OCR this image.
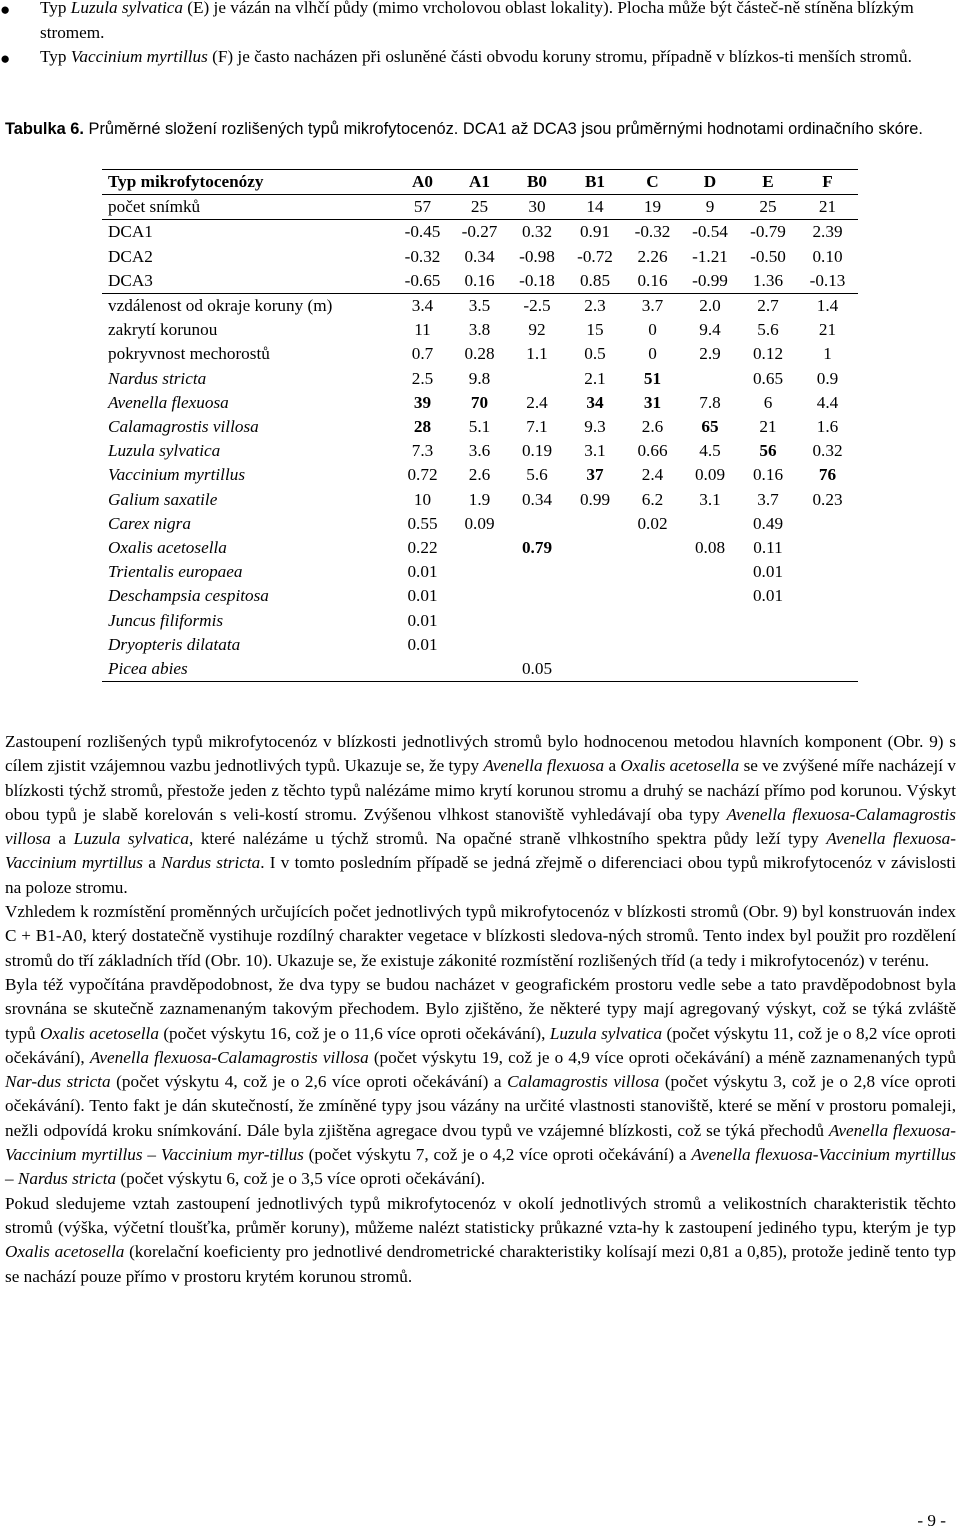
● Typ Luzula sylvatica (E) je vázán na vlhčí půdy (mimo vrcholovou oblast lokality). Plocha může být částeč-ně stíněna blízkým stromem.

● Typ Vaccinium myrtillus (F) je často nacházen při osluněné části obvodu koruny stromu, případně v blízkos-ti menších stromů.

Tabulka 6. Průměrné složení rozlišených typů mikrofytocenóz. DCA1 až DCA3 jsou průměrnými hodnotami ordinačního skóre.
Typ mikrofytocenózy	A0	A1	B0	B1	C	D	E	F
počet snímků	57	25	30	14	19	9	25	21
DCA1	-0.45	-0.27	0.32	0.91	-0.32	-0.54	-0.79	2.39
DCA2	-0.32	0.34	-0.98	-0.72	2.26	-1.21	-0.50	0.10
DCA3	-0.65	0.16	-0.18	0.85	0.16	-0.99	1.36	-0.13
vzdálenost od okraje koruny (m)	3.4	3.5	-2.5	2.3	3.7	2.0	2.7	1.4
zakrytí korunou	11	3.8	92	15	0	9.4	5.6	21
pokryvnost mechorostů	0.7	0.28	1.1	0.5	0	2.9	0.12	1
Nardus stricta	2.5	9.8		2.1	51		0.65	0.9
Avenella flexuosa	39	70	2.4	34	31	7.8	6	4.4
Calamagrostis villosa	28	5.1	7.1	9.3	2.6	65	21	1.6
Luzula sylvatica	7.3	3.6	0.19	3.1	0.66	4.5	56	0.32
Vaccinium myrtillus	0.72	2.6	5.6	37	2.4	0.09	0.16	76
Galium saxatile	10	1.9	0.34	0.99	6.2	3.1	3.7	0.23
Carex nigra	0.55	0.09			0.02		0.49	
Oxalis acetosella	0.22		0.79			0.08	0.11	
Trientalis europaea	0.01						0.01	
Deschampsia cespitosa	0.01						0.01	
Juncus filiformis	0.01							
Dryopteris dilatata	0.01							
Picea abies			0.05					

Zastoupení rozlišených typů mikrofytocenóz v blízkosti jednotlivých stromů bylo hodnocenou metodou hlavních komponent (Obr. 9) s cílem zjistit vzájemnou vazbu jednotlivých typů. Ukazuje se, že typy Avenella flexuosa a Oxalis acetosella se ve zvýšené míře nacházejí v blízkosti týchž stromů, přestože jeden z těchto typů nalézáme mimo krytí korunou stromu a druhý se nachází přímo pod korunou. Výskyt obou typů je slabě korelován s veli-kostí stromu. Zvýšenou vlhkost stanoviště vyhledávají oba typy Avenella flexuosa-Calamagrostis villosa a Luzula sylvatica, které nalézáme u týchž stromů. Na opačné straně vlhkostního spektra půdy leží typy Avenella flexuosa-Vaccinium myrtillus a Nardus stricta. I v tomto posledním případě se jedná zřejmě o diferenciaci obou typů mikrofytocenóz v závislosti na poloze stromu.

Vzhledem k rozmístění proměnných určujících počet jednotlivých typů mikrofytocenóz v blízkosti stromů (Obr. 9) byl konstruován index C + B1-A0, který dostatečně vystihuje rozdílný charakter vegetace v blízkosti sledova-ných stromů. Tento index byl použit pro rozdělení stromů do tří základních tříd (Obr. 10). Ukazuje se, že existuje zákonité rozmístění rozlišených tříd (a tedy i mikrofytocenóz) v terénu.

Byla též vypočítána pravděpodobnost, že dva typy se budou nacházet v geografickém prostoru vedle sebe a tato pravděpodobnost byla srovnána se skutečně zaznamenaným takovým přechodem. Bylo zjištěno, že některé typy mají agregovaný výskyt, což se týká zvláště typů Oxalis acetosella (počet výskytu 16, což je o 11,6 více oproti očekávání), Luzula sylvatica (počet výskytu 11, což je o 8,2 více oproti očekávání), Avenella flexuosa-Calamagrostis villosa (počet výskytu 19, což je o 4,9 více oproti očekávání) a méně zaznamenaných typů Nar-dus stricta (počet výskytu 4, což je o 2,6 více oproti očekávání) a Calamagrostis villosa (počet výskytu 3, což je o 2,8 více oproti očekávání). Tento fakt je dán skutečností, že zmíněné typy jsou vázány na určité vlastnosti stanoviště, které se mění v prostoru pomaleji, nežli odpovídá kroku snímkování. Dále byla zjištěna agregace dvou typů ve vzájemné blízkosti, což se týká přechodů Avenella flexuosa-Vaccinium myrtillus – Vaccinium myr-tillus (počet výskytu 7, což je o 4,2 více oproti očekávání) a Avenella flexuosa-Vaccinium myrtillus – Nardus stricta (počet výskytu 6, což je o 3,5 více oproti očekávání).

Pokud sledujeme vztah zastoupení jednotlivých typů mikrofytocenóz v okolí jednotlivých stromů a velikostních charakteristik těchto stromů (výška, výčetní tloušťka, průměr koruny), můžeme nalézt statisticky průkazné vzta-hy k zastoupení jediného typu, kterým je typ Oxalis acetosella (korelační koeficienty pro jednotlivé dendrometrické charakteristiky kolísají mezi 0,81 a 0,85), protože jedině tento typ se nachází pouze přímo v prostoru krytém korunou stromů.

- 9 -
